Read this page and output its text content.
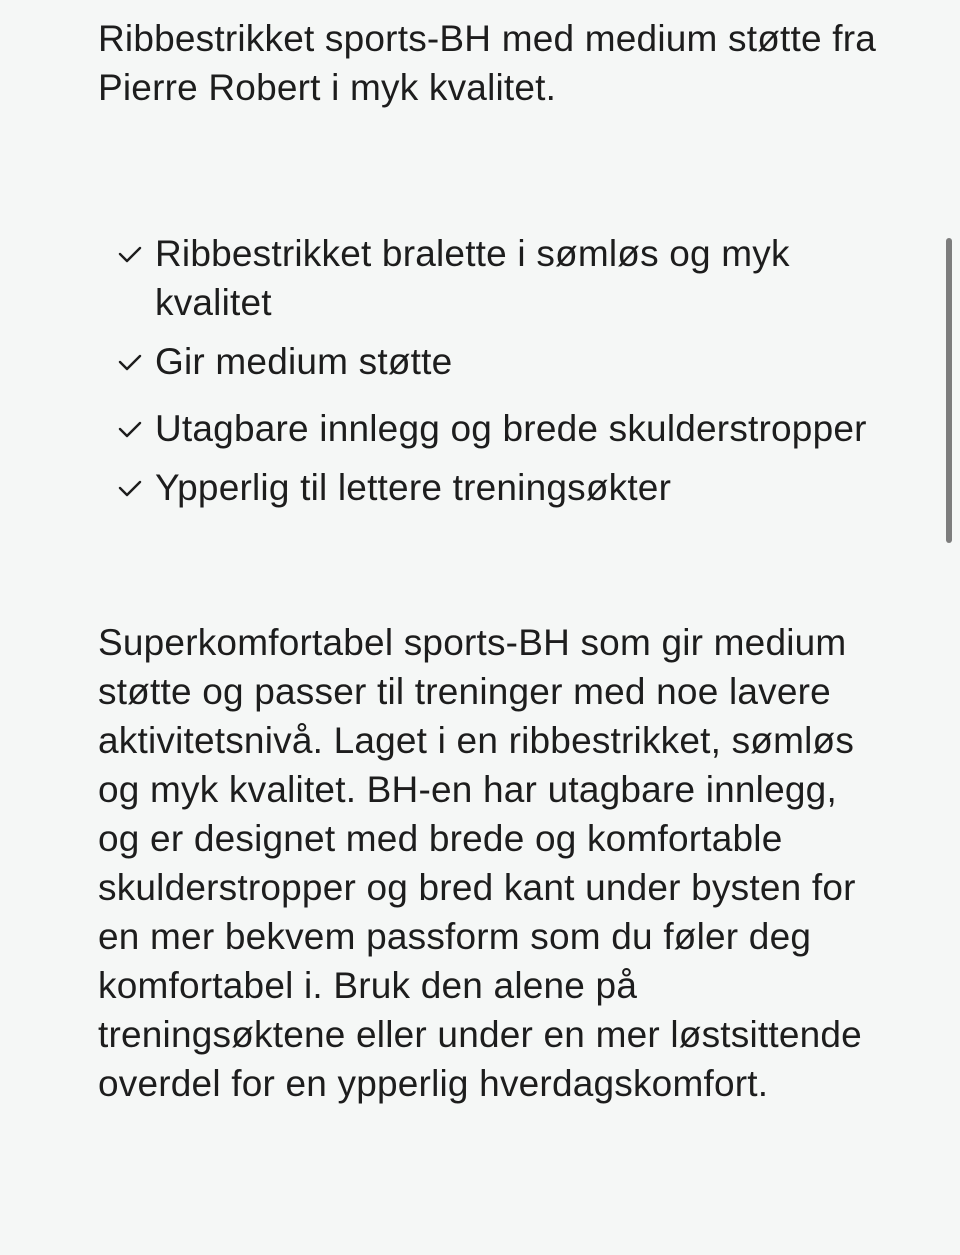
Ribbestrikket sports-BH med medium støtte fra Pierre Robert i myk kvalitet.

Ribbestrikket bralette i sømløs og myk kvalitet
Gir medium støtte
Utagbare innlegg og brede skulderstropper
Ypperlig til lettere treningsøkter

Superkomfortabel sports-BH som gir medium støtte og passer til treninger med noe lavere aktivitetsnivå. Laget i en ribbestrikket, sømløs og myk kvalitet. BH-en har utagbare innlegg, og er designet med brede og komfortable skulderstropper og bred kant under bysten for en mer bekvem passform som du føler deg komfortabel i. Bruk den alene på treningsøktene eller under en mer løstsittende overdel for en ypperlig hverdagskomfort.
